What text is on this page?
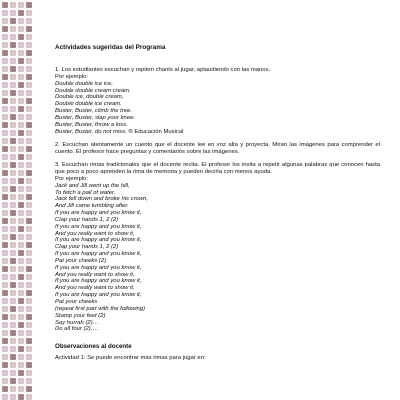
Actividades sugeridas del Programa

1. Los estudiantes escuchan y repiten chants al jugar, aplaudiendo con las manos.

Por ejemplo:

Double double ice ice,

Double double cream cream.

Double ice, double cream,

Double double ice cream.

Buster, Buster, climb the tree.

Buster, Buster, slap your knee.

Buster, Buster, throw a kiss.

Buster, Buster, do not miss. ® Educación Musical

2. Escuchan atentamente un cuento que el docente lee en voz alta y proyecta. Miran las imágenes para comprender el cuento. El profesor hace preguntas y comentarios sobre las imágenes.

3. Escuchan rimas tradicionales que el docente recita. El profesor los invita a repetir algunas palabras que conocen hasta que poco a poco aprenden la rima de memoria y pueden decirla con menos ayuda.

Por ejemplo:

Jack and Jill went up the hill,

To fetch a pail of water.

Jack fell down and broke his crown,

And Jill came tumbling after.

If you are happy and you know it,

Clap your hands 1, 2 (2)

If you are happy and you know it,

And you really want to show it,

If you are happy and you know it,

Clap your hands 1, 2 (2)

If you are happy and you know it,

Pat your cheeks (2).

If you are happy and you know it,

And you really want to show it,

If you are happy and you know it,

And you really want to show it,

If you are happy and you know it,

Pat your cheeks

(repeat first part with the following)

Stamp your feet (2)

Say hurrah (2)…

Do all four (2)….

Observaciones al docente

Actividad 1: Se puede encontrar más rimas para jugar en:
